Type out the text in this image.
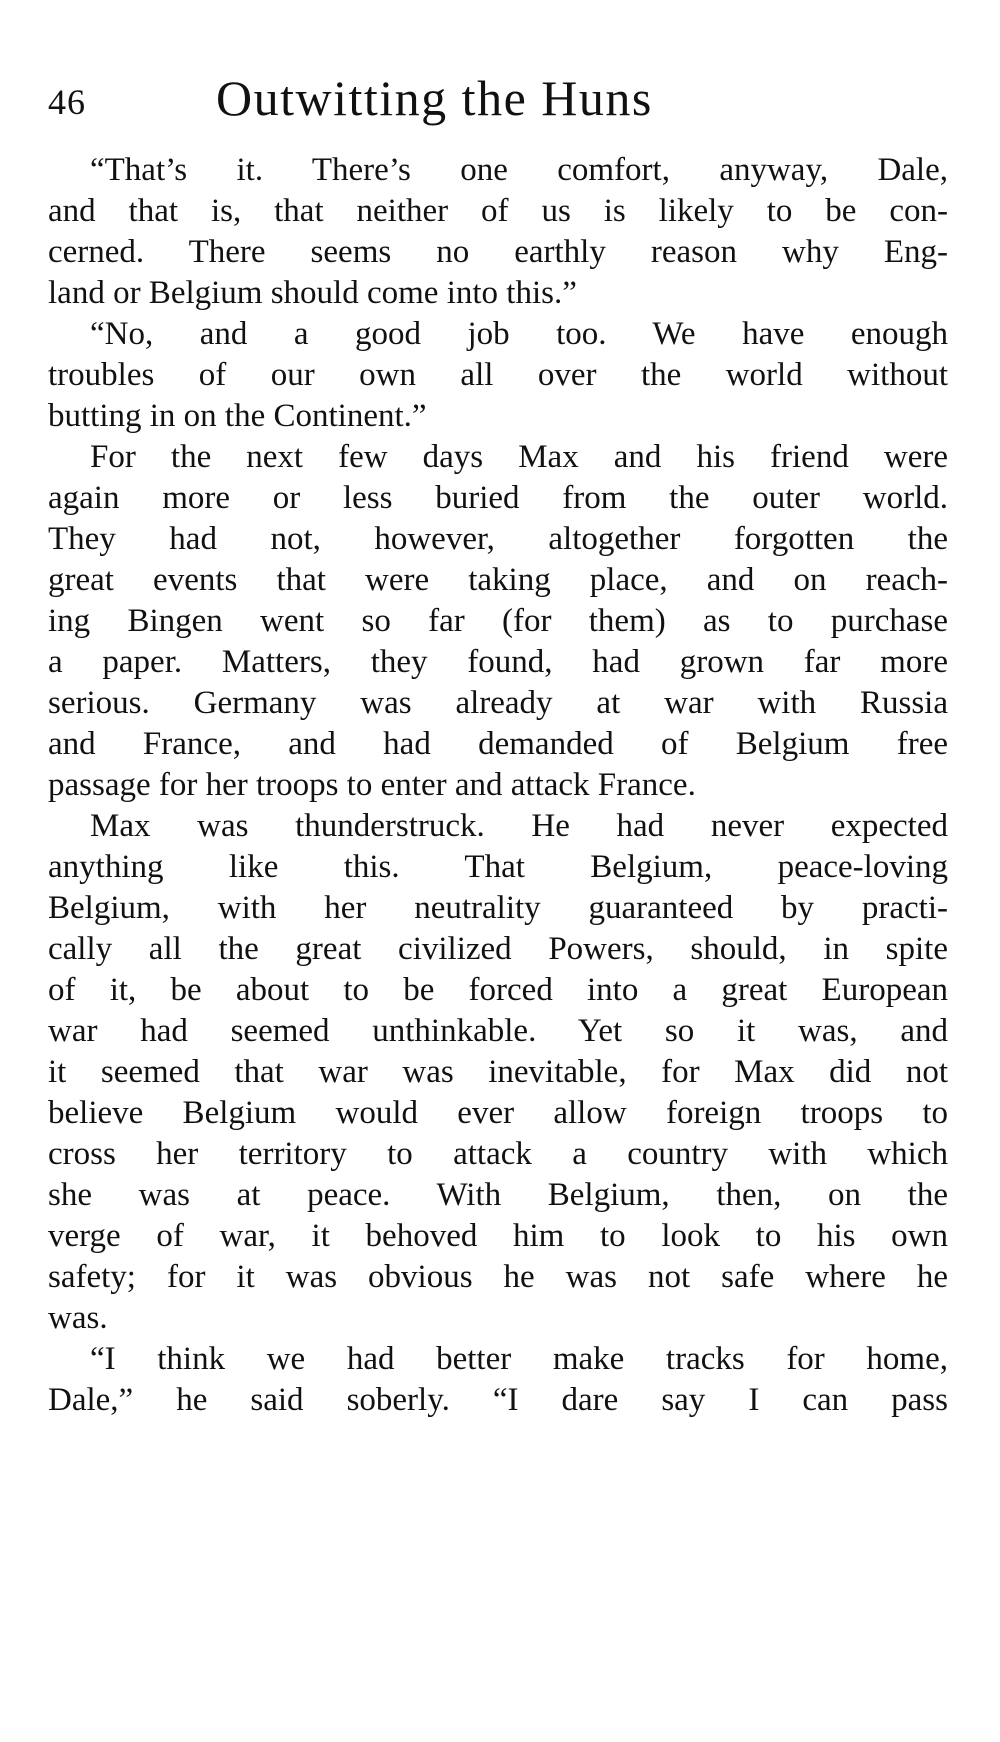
46	Outwitting the Huns
“That’s it. There’s one comfort, anyway, Dale,
and that is, that neither of us is likely to be con-
cerned. There seems no earthly reason why Eng-
land or Belgium should come into this.”
“No, and a good job too. We have enough
troubles of our own all over the world without
butting in on the Continent.”
For the next few days Max and his friend were
again more or less buried from the outer world.
They had not, however, altogether forgotten the
great events that were taking place, and on reach-
ing Bingen went so far (for them) as to purchase
a paper. Matters, they found, had grown far more
serious. Germany was already at war with Russia
and France, and had demanded of Belgium free
passage for her troops to enter and attack France.
Max was thunderstruck. He had never expected
anything like this. That Belgium, peace-loving
Belgium, with her neutrality guaranteed by practi-
cally all the great civilized Powers, should, in spite
of it, be about to be forced into a great European
war had seemed unthinkable. Yet so it was, and
it seemed that war was inevitable, for Max did not
believe Belgium would ever allow foreign troops to
cross her territory to attack a country with which
she was at peace. With Belgium, then, on the
verge of war, it behoved him to look to his own
safety; for it was obvious he was not safe where he
was.
“I think we had better make tracks for home,
Dale,” he said soberly. “I dare say I can pass
